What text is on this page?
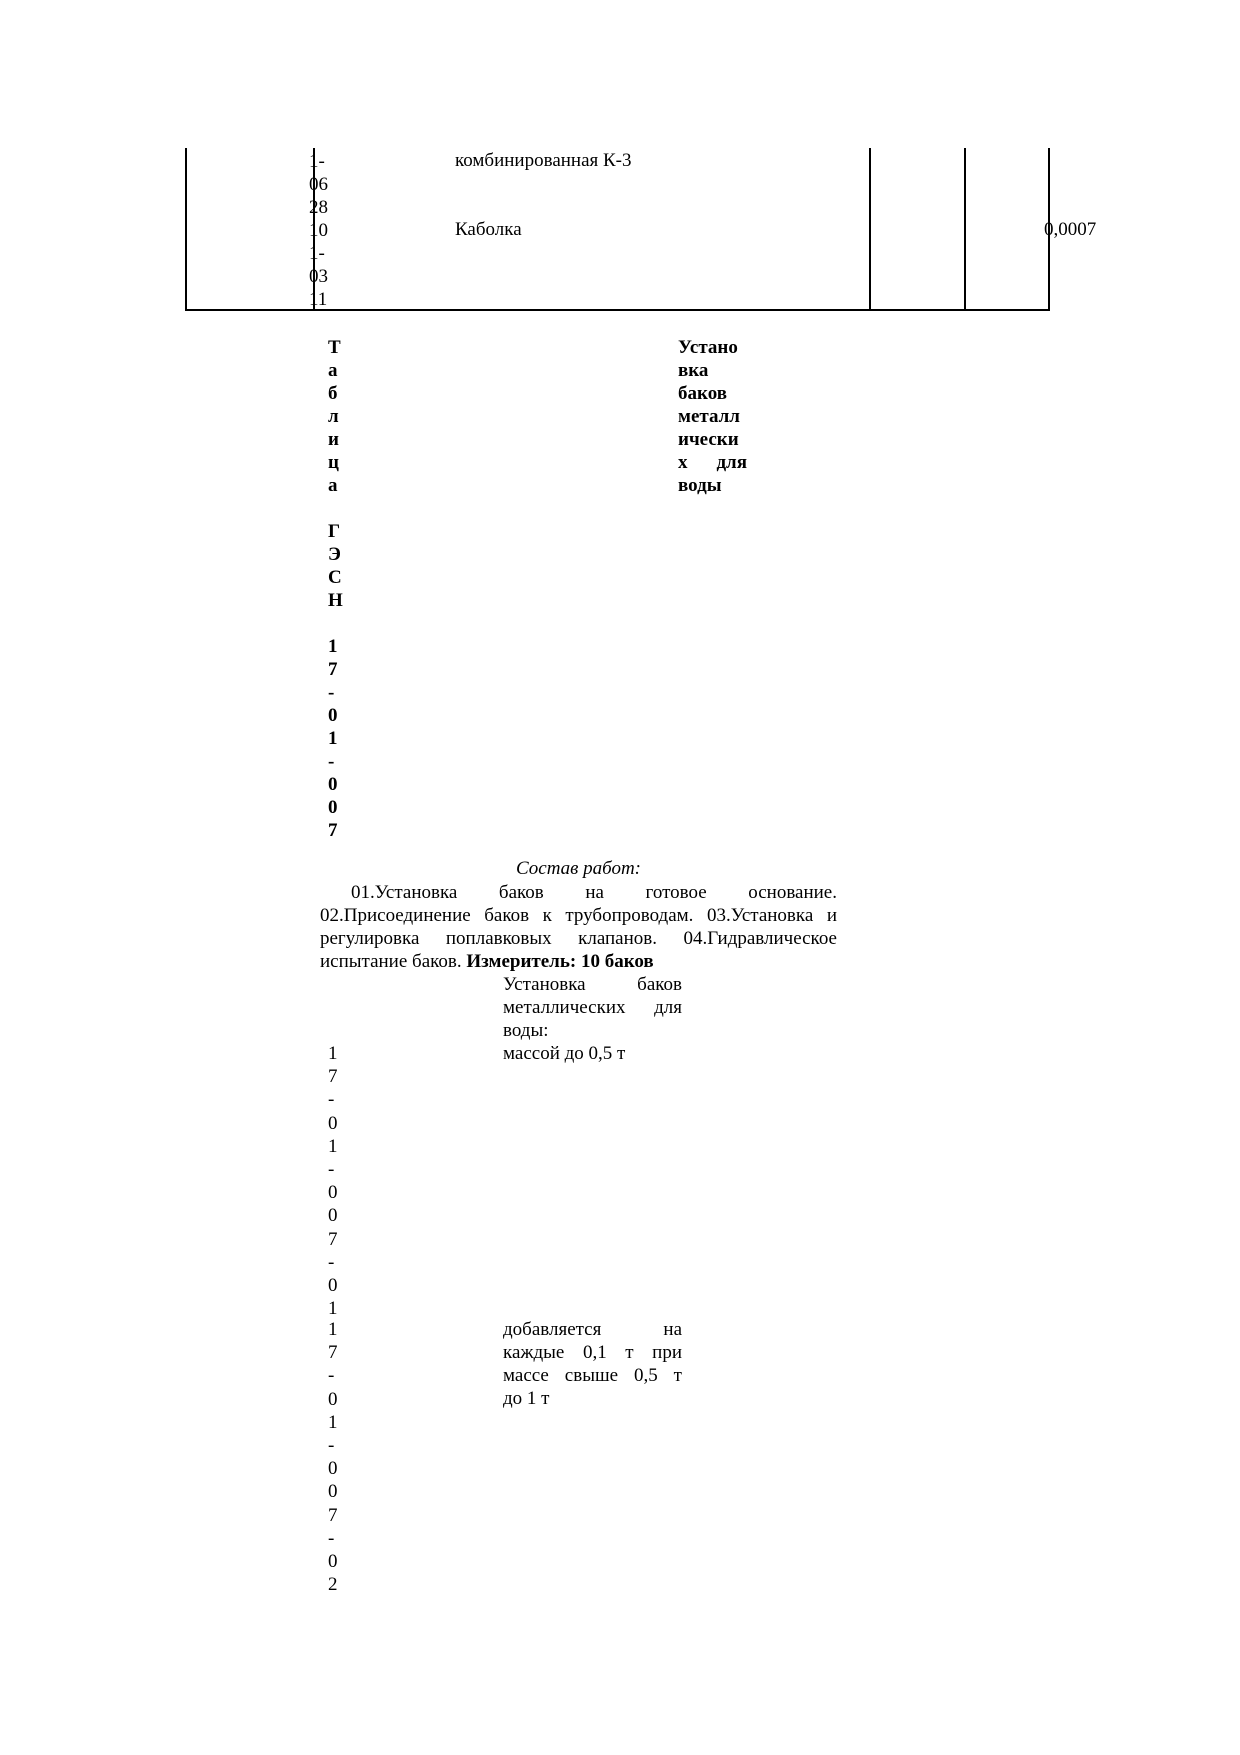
1-
06
28
10
комбинированная К-3
1-
03
11
Каболка	0,0007
Т
а
б
л
и
ц
а

Г
Э
С
Н

1
7
-
0
1
-
0
0
7
Устано
вка
баков
металл
ически
х для
воды
Состав работ:
01.Установка баков на готовое основание.
02.Присоединение баков к трубопроводам. 03.Установка и
регулировка поплавковых клапанов. 04.Гидравлическое
испытание баков. Измеритель: 10 баков
Установка баков
металлических для
воды:
1
7
-
0
1
-
0
0
7
-
0
1
массой до 0,5 т
1
7
-
0
1
-
0
0
7
-
0
2
добавляется на
каждые 0,1 т при
массе свыше 0,5 т
до 1 т
